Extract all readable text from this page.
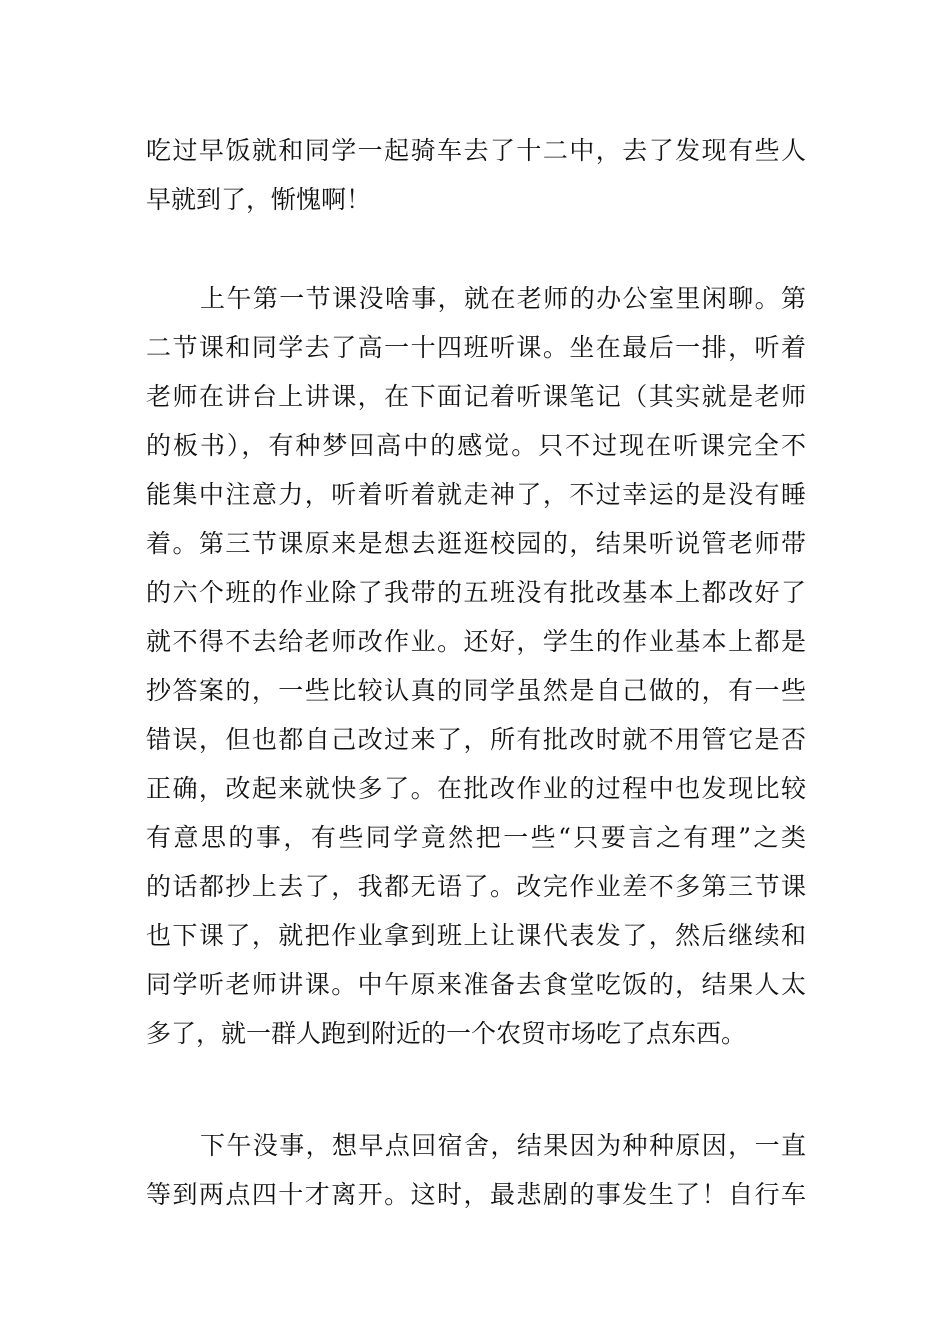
吃过早饭就和同学一起骑车去了十二中，去了发现有些人
早就到了，惭愧啊！
上午第一节课没啥事，就在老师的办公室里闲聊。第
二节课和同学去了高一十四班听课。坐在最后一排，听着
老师在讲台上讲课，在下面记着听课笔记（其实就是老师
的板书），有种梦回高中的感觉。只不过现在听课完全不
能集中注意力，听着听着就走神了，不过幸运的是没有睡
着。第三节课原来是想去逛逛校园的，结果听说管老师带
的六个班的作业除了我带的五班没有批改基本上都改好了
就不得不去给老师改作业。还好，学生的作业基本上都是
抄答案的，一些比较认真的同学虽然是自己做的，有一些
错误，但也都自己改过来了，所有批改时就不用管它是否
正确，改起来就快多了。在批改作业的过程中也发现比较
有意思的事，有些同学竟然把一些“只要言之有理”之类
的话都抄上去了，我都无语了。改完作业差不多第三节课
也下课了，就把作业拿到班上让课代表发了，然后继续和
同学听老师讲课。中午原来准备去食堂吃饭的，结果人太
多了，就一群人跑到附近的一个农贸市场吃了点东西。
下午没事，想早点回宿舍，结果因为种种原因，一直
等到两点四十才离开。这时，最悲剧的事发生了！自行车
